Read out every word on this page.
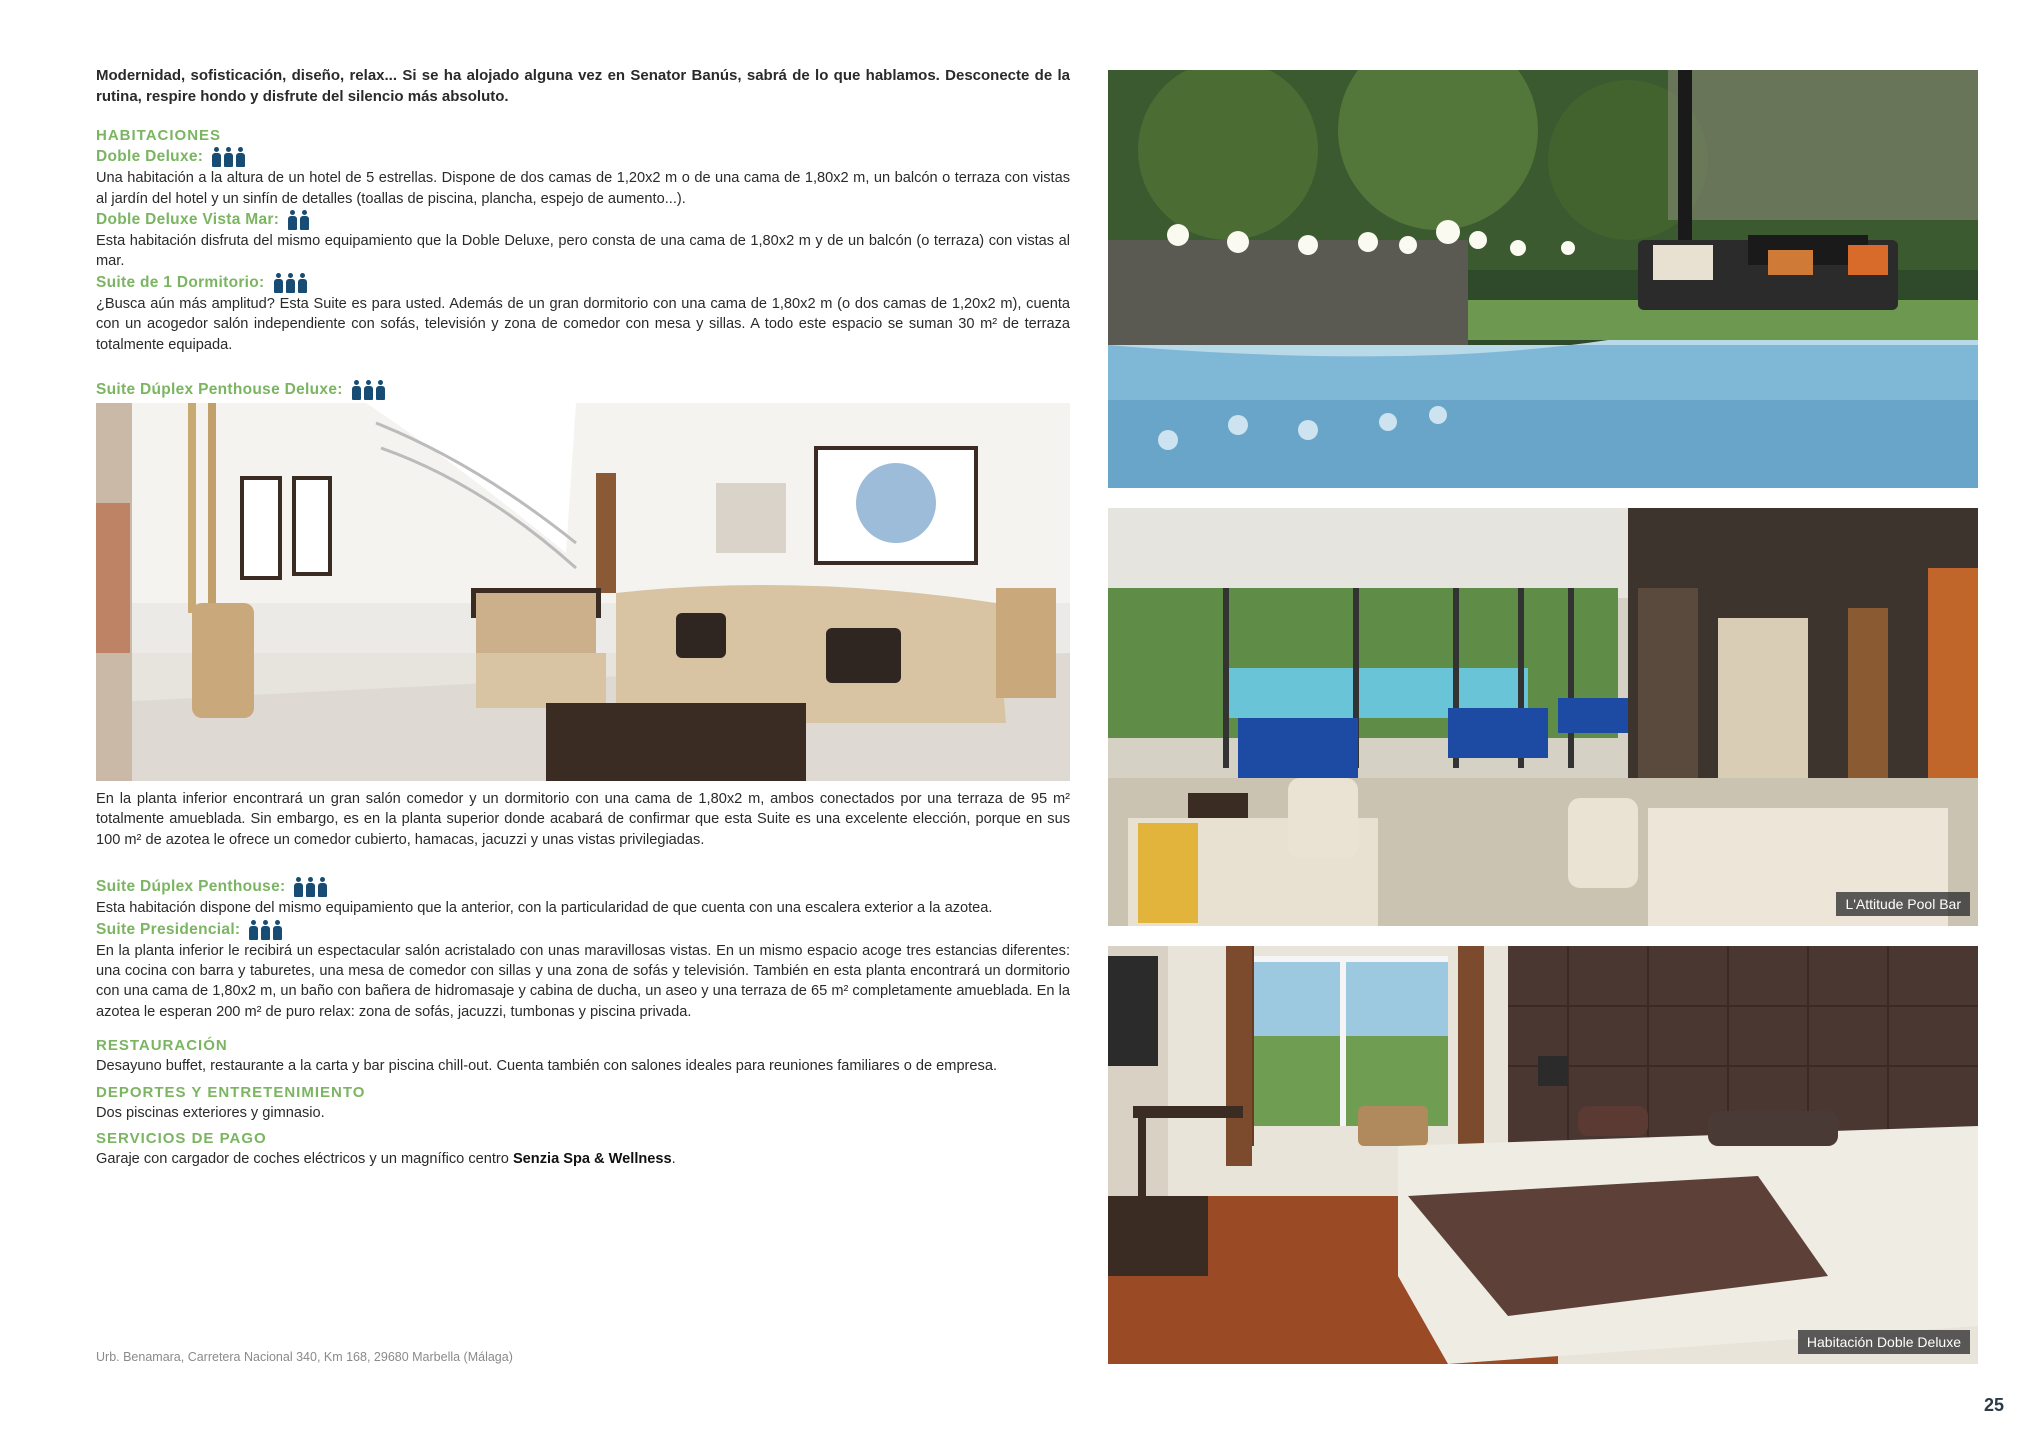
Modernidad, sofisticación, diseño, relax... Si se ha alojado alguna vez en Senator Banús, sabrá de lo que hablamos. Desconecte de la rutina, respire hondo y disfrute del silencio más absoluto.

HABITACIONES
Doble Deluxe:

Una habitación a la altura de un hotel de 5 estrellas. Dispone de dos camas de 1,20x2 m o de una cama de 1,80x2 m, un balcón o terraza con vistas al jardín del hotel y un sinfín de detalles (toallas de piscina, plancha, espejo de aumento...).

Doble Deluxe Vista Mar:

Esta habitación disfruta del mismo equipamiento que la Doble Deluxe, pero consta de una cama de 1,80x2 m y de un balcón (o terraza) con vistas al mar.

Suite de 1 Dormitorio:

¿Busca aún más amplitud? Esta Suite es para usted. Además de un gran dormitorio con una cama de 1,80x2 m (o dos camas de 1,20x2 m), cuenta con un acogedor salón independiente con sofás, televisión y zona de comedor con mesa y sillas. A todo este espacio se suman 30 m² de terraza totalmente equipada.

Suite Dúplex Penthouse Deluxe:

En la planta inferior encontrará un gran salón comedor y un dormitorio con una cama de 1,80x2 m, ambos conectados por una terraza de 95 m² totalmente amueblada. Sin embargo, es en la planta superior donde acabará de confirmar que esta Suite es una excelente elección, porque en sus 100 m² de azotea le ofrece un comedor cubierto, hamacas, jacuzzi y unas vistas privilegiadas.

Suite Dúplex Penthouse:

Esta habitación dispone del mismo equipamiento que la anterior, con la particularidad de que cuenta con una escalera exterior a la azotea.

Suite Presidencial:

En la planta inferior le recibirá un espectacular salón acristalado con unas maravillosas vistas. En un mismo espacio acoge tres estancias diferentes: una cocina con barra y taburetes, una mesa de comedor con sillas y una zona de sofás y televisión. También en esta planta encontrará un dormitorio con una cama de 1,80x2 m, un baño con bañera de hidromasaje y cabina de ducha, un aseo y una terraza de 65 m² completamente amueblada. En la azotea le esperan 200 m² de puro relax: zona de sofás, jacuzzi, tumbonas y piscina privada.

RESTAURACIÓN

Desayuno buffet, restaurante a la carta y bar piscina chill-out. Cuenta también con salones ideales para reuniones familiares o de empresa.

DEPORTES Y ENTRETENIMIENTO

Dos piscinas exteriores y gimnasio.

SERVICIOS DE PAGO

Garaje con cargador de coches eléctricos y un magnífico centro Senzia Spa & Wellness.

Urb. Benamara, Carretera Nacional 340, Km 168, 29680 Marbella (Málaga)
25
L'Attitude Pool Bar
Habitación Doble Deluxe
